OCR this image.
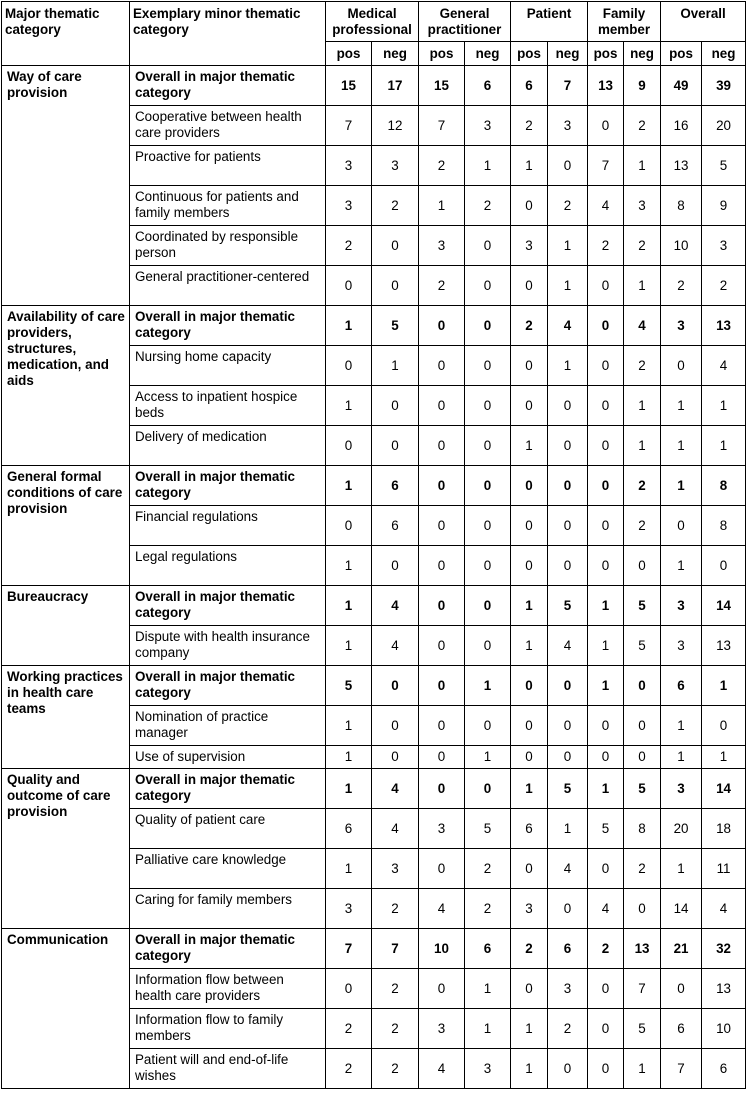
Major thematic category	Exemplary minor thematic category	Medical professional		General practitioner		Patient		Family member		Overall	
		pos	neg	pos	neg	pos	neg	pos	neg	pos	neg
Way of care provision	Overall in major thematic category	15	17	15	6	6	7	13	9	49	39
	Cooperative between health care providers	7	12	7	3	2	3	0	2	16	20
	Proactive for patients	3	3	2	1	1	0	7	1	13	5
	Continuous for patients and family members	3	2	1	2	0	2	4	3	8	9
	Coordinated by responsible person	2	0	3	0	3	1	2	2	10	3
	General practitioner-centered	0	0	2	0	0	1	0	1	2	2
Availability of care providers, structures, medication, and aids	Overall in major thematic category	1	5	0	0	2	4	0	4	3	13
	Nursing home capacity	0	1	0	0	0	1	0	2	0	4
	Access to inpatient hospice beds	1	0	0	0	0	0	0	1	1	1
	Delivery of medication	0	0	0	0	1	0	0	1	1	1
General formal conditions of care provision	Overall in major thematic category	1	6	0	0	0	0	0	2	1	8
	Financial regulations	0	6	0	0	0	0	0	2	0	8
	Legal regulations	1	0	0	0	0	0	0	0	1	0
Bureaucracy	Overall in major thematic category	1	4	0	0	1	5	1	5	3	14
	Dispute with health insurance company	1	4	0	0	1	4	1	5	3	13
Working practices in health care teams	Overall in major thematic category	5	0	0	1	0	0	1	0	6	1
	Nomination of practice manager	1	0	0	0	0	0	0	0	1	0
	Use of supervision	1	0	0	1	0	0	0	0	1	1
Quality and outcome of care provision	Overall in major thematic category	1	4	0	0	1	5	1	5	3	14
	Quality of patient care	6	4	3	5	6	1	5	8	20	18
	Palliative care knowledge	1	3	0	2	0	4	0	2	1	11
	Caring for family members	3	2	4	2	3	0	4	0	14	4
Communication	Overall in major thematic category	7	7	10	6	2	6	2	13	21	32
	Information flow between health care providers	0	2	0	1	0	3	0	7	0	13
	Information flow to family members	2	2	3	1	1	2	0	5	6	10
	Patient will and end-of-life wishes	2	2	4	3	1	0	0	1	7	6
